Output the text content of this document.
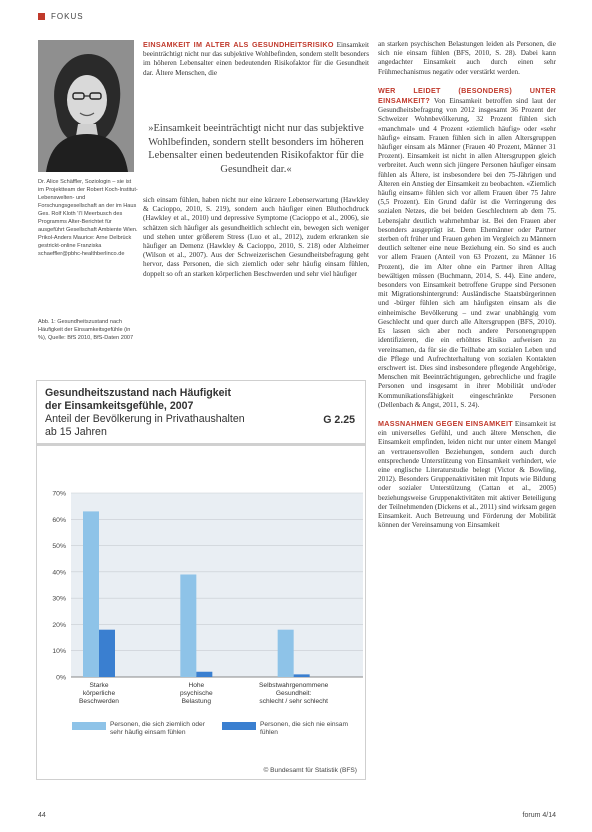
FOKUS
Dr. Alice Schäffler, Soziologin – sie ist im Projektteam der Robert Koch-Institut-Lebenswelten- und Forschungsgesellschaft an der im Haus Ges. Rolf Kloth ’I’l Meerbusch des Programms Alter-Berichtet für ausgeführt Gesellschaft Ambiente Wien. Prikol-Anders Maurice: Arne Delbrück gestrickt-online Franziska schaeffler@pbhc-healthberlinco.de
Abb. 1: Gesundheitszustand nach Häufigkeit der Einsamkeitsgefühle (in %), Quelle: BfS 2010, BfS-Daten 2007

EINSAMKEIT IM ALTER ALS GESUNDHEITSRISIKO Einsamkeit beeinträchtigt nicht nur das subjektive Wohlbefinden, sondern stellt besonders im höheren Lebensalter einen bedeutenden Risikofaktor für die Gesundheit dar. Ältere Menschen, die

»Einsamkeit beeinträchtigt nicht nur das subjektive Wohlbefinden, sondern stellt besonders im höheren Lebensalter einen bedeutenden Risikofaktor für die Gesundheit dar.«

sich einsam fühlen, haben nicht nur eine kürzere Lebenserwartung (Hawkley & Cacioppo, 2010, S. 219), sondern auch häufiger einen Bluthochdruck (Hawkley et al., 2010) und depressive Symptome (Cacioppo et al., 2006), sie schätzen sich häufiger als gesundheitlich schlecht ein, bewegen sich weniger und stehen unter größerem Stress (Luo et al., 2012), zudem erkranken sie häufiger an Demenz (Hawkley & Cacioppo, 2010, S. 218) oder Alzheimer (Wilson et al., 2007). Aus der Schweizerischen Gesundheitsbefragung geht hervor, dass Personen, die sich ziemlich oder sehr häufig einsam fühlen, doppelt so oft an starken körperlichen Beschwerden und sehr viel häufiger

an starken psychischen Belastungen leiden als Personen, die sich nie einsam fühlen (BFS, 2010, S. 28). Dabei kann angedachter Einsamkeit auch durch einen sehr Frühmechanismus negativ oder verstärkt werden.

WER LEIDET (BESONDERS) UNTER EINSAMKEIT? Von Einsamkeit betroffen sind laut der Gesundheitsbefragung von 2012 insgesamt 36 Prozent der Schweizer Wohnbevölkerung, 32 Prozent fühlen sich «manchmal» und 4 Prozent «ziemlich häufig» oder «sehr häufig» einsam. Frauen fühlen sich in allen Altersgruppen häufiger einsam als Männer (Frauen 40 Prozent, Männer 31 Prozent). Einsamkeit ist nicht in allen Altersgruppen gleich verbreitet. Auch wenn sich jüngere Personen häufiger einsam fühlen als Ältere, ist insbesondere bei den 75-Jährigen und Älteren ein Anstieg der Einsamkeit zu beobachten. «Ziemlich häufig einsam» fühlen sich vor allem Frauen über 75 Jahre (5,5 Prozent). Ein Grund dafür ist die Verringerung des sozialen Netzes, die bei beiden Geschlechtern ab dem 75. Lebensjahr deutlich wahrnehmbar ist. Bei den Frauen aber besonders ausgeprägt ist. Denn Ehemänner oder Partner sterben oft früher und Frauen gehen im Vergleich zu Männern deutlich seltener eine neue Beziehung ein. So sind es auch vor allem Frauen (Anteil von 63 Prozent, zu Männer 16 Prozent), die im Alter ohne ein Partner ihren Alltag bewältigen müssen (Buchmann, 2014, S. 44). Eine andere, besonders von Einsamkeit betroffene Gruppe sind Personen mit Migrationshintergrund: Ausländische Staatsbürgerinnen und -bürger fühlen sich am häufigsten einsam als die einheimische Bevölkerung – und zwar unabhängig vom Geschlecht und quer durch alle Altersgruppen (BFS, 2010). Es lassen sich aber noch andere Personengruppen identifizieren, die ein erhöhtes Risiko aufweisen zu vereinsamen, da für sie die Teilhabe am sozialen Leben und die Pflege und Aufrechterhaltung von sozialen Kontakten erschwert ist. Dies sind insbesondere pflegende Angehörige, Menschen mit Beeinträchtigungen, gebrechliche und fragile Personen und insgesamt in ihrer Mobilität und/oder Kommunikationsfähigkeit eingeschränkte Personen (Dellenbach & Angst, 2011, S. 24).

MASSNAHMEN GEGEN EINSAMKEIT Einsamkeit ist ein universelles Gefühl, und auch ältere Menschen, die Einsamkeit empfinden, leiden nicht nur unter einem Mangel an vertrauensvollen Beziehungen, sondern auch durch entsprechende Unterstützung von Einsamkeit verhindert, wie eine englische Literaturstudie belegt (Victor & Bowling, 2012). Besonders Gruppenaktivitäten mit Inputs wie Bildung oder sozialer Unterstützung (Cattan et al., 2005) beziehungsweise Gruppenaktivitäten mit aktiver Beteiligung der Teilnehmenden (Dickens et al., 2011) sind wirksam gegen Einsamkeit. Auch Betreuung und Förderung der Mobilität können der Vereinsamung von Einsamkeit

Gesundheitszustand nach Häufigkeit
der Einsamkeitsgefühle, 2007
Anteil der Bevölkerung in Privathaushalten
ab 15 Jahren
G 2.25
0%
10%
20%
30%
40%
50%
60%
70%
Starke
körperliche
Beschwerden
Hohe
psychische
Belastung
Selbstwahrgenommene
Gesundheit:
schlecht / sehr schlecht
Personen, die sich ziemlich oder sehr häufig einsam fühlen
Personen, die sich nie einsam fühlen
© Bundesamt für Statistik (BFS)
44	forum 4/14
